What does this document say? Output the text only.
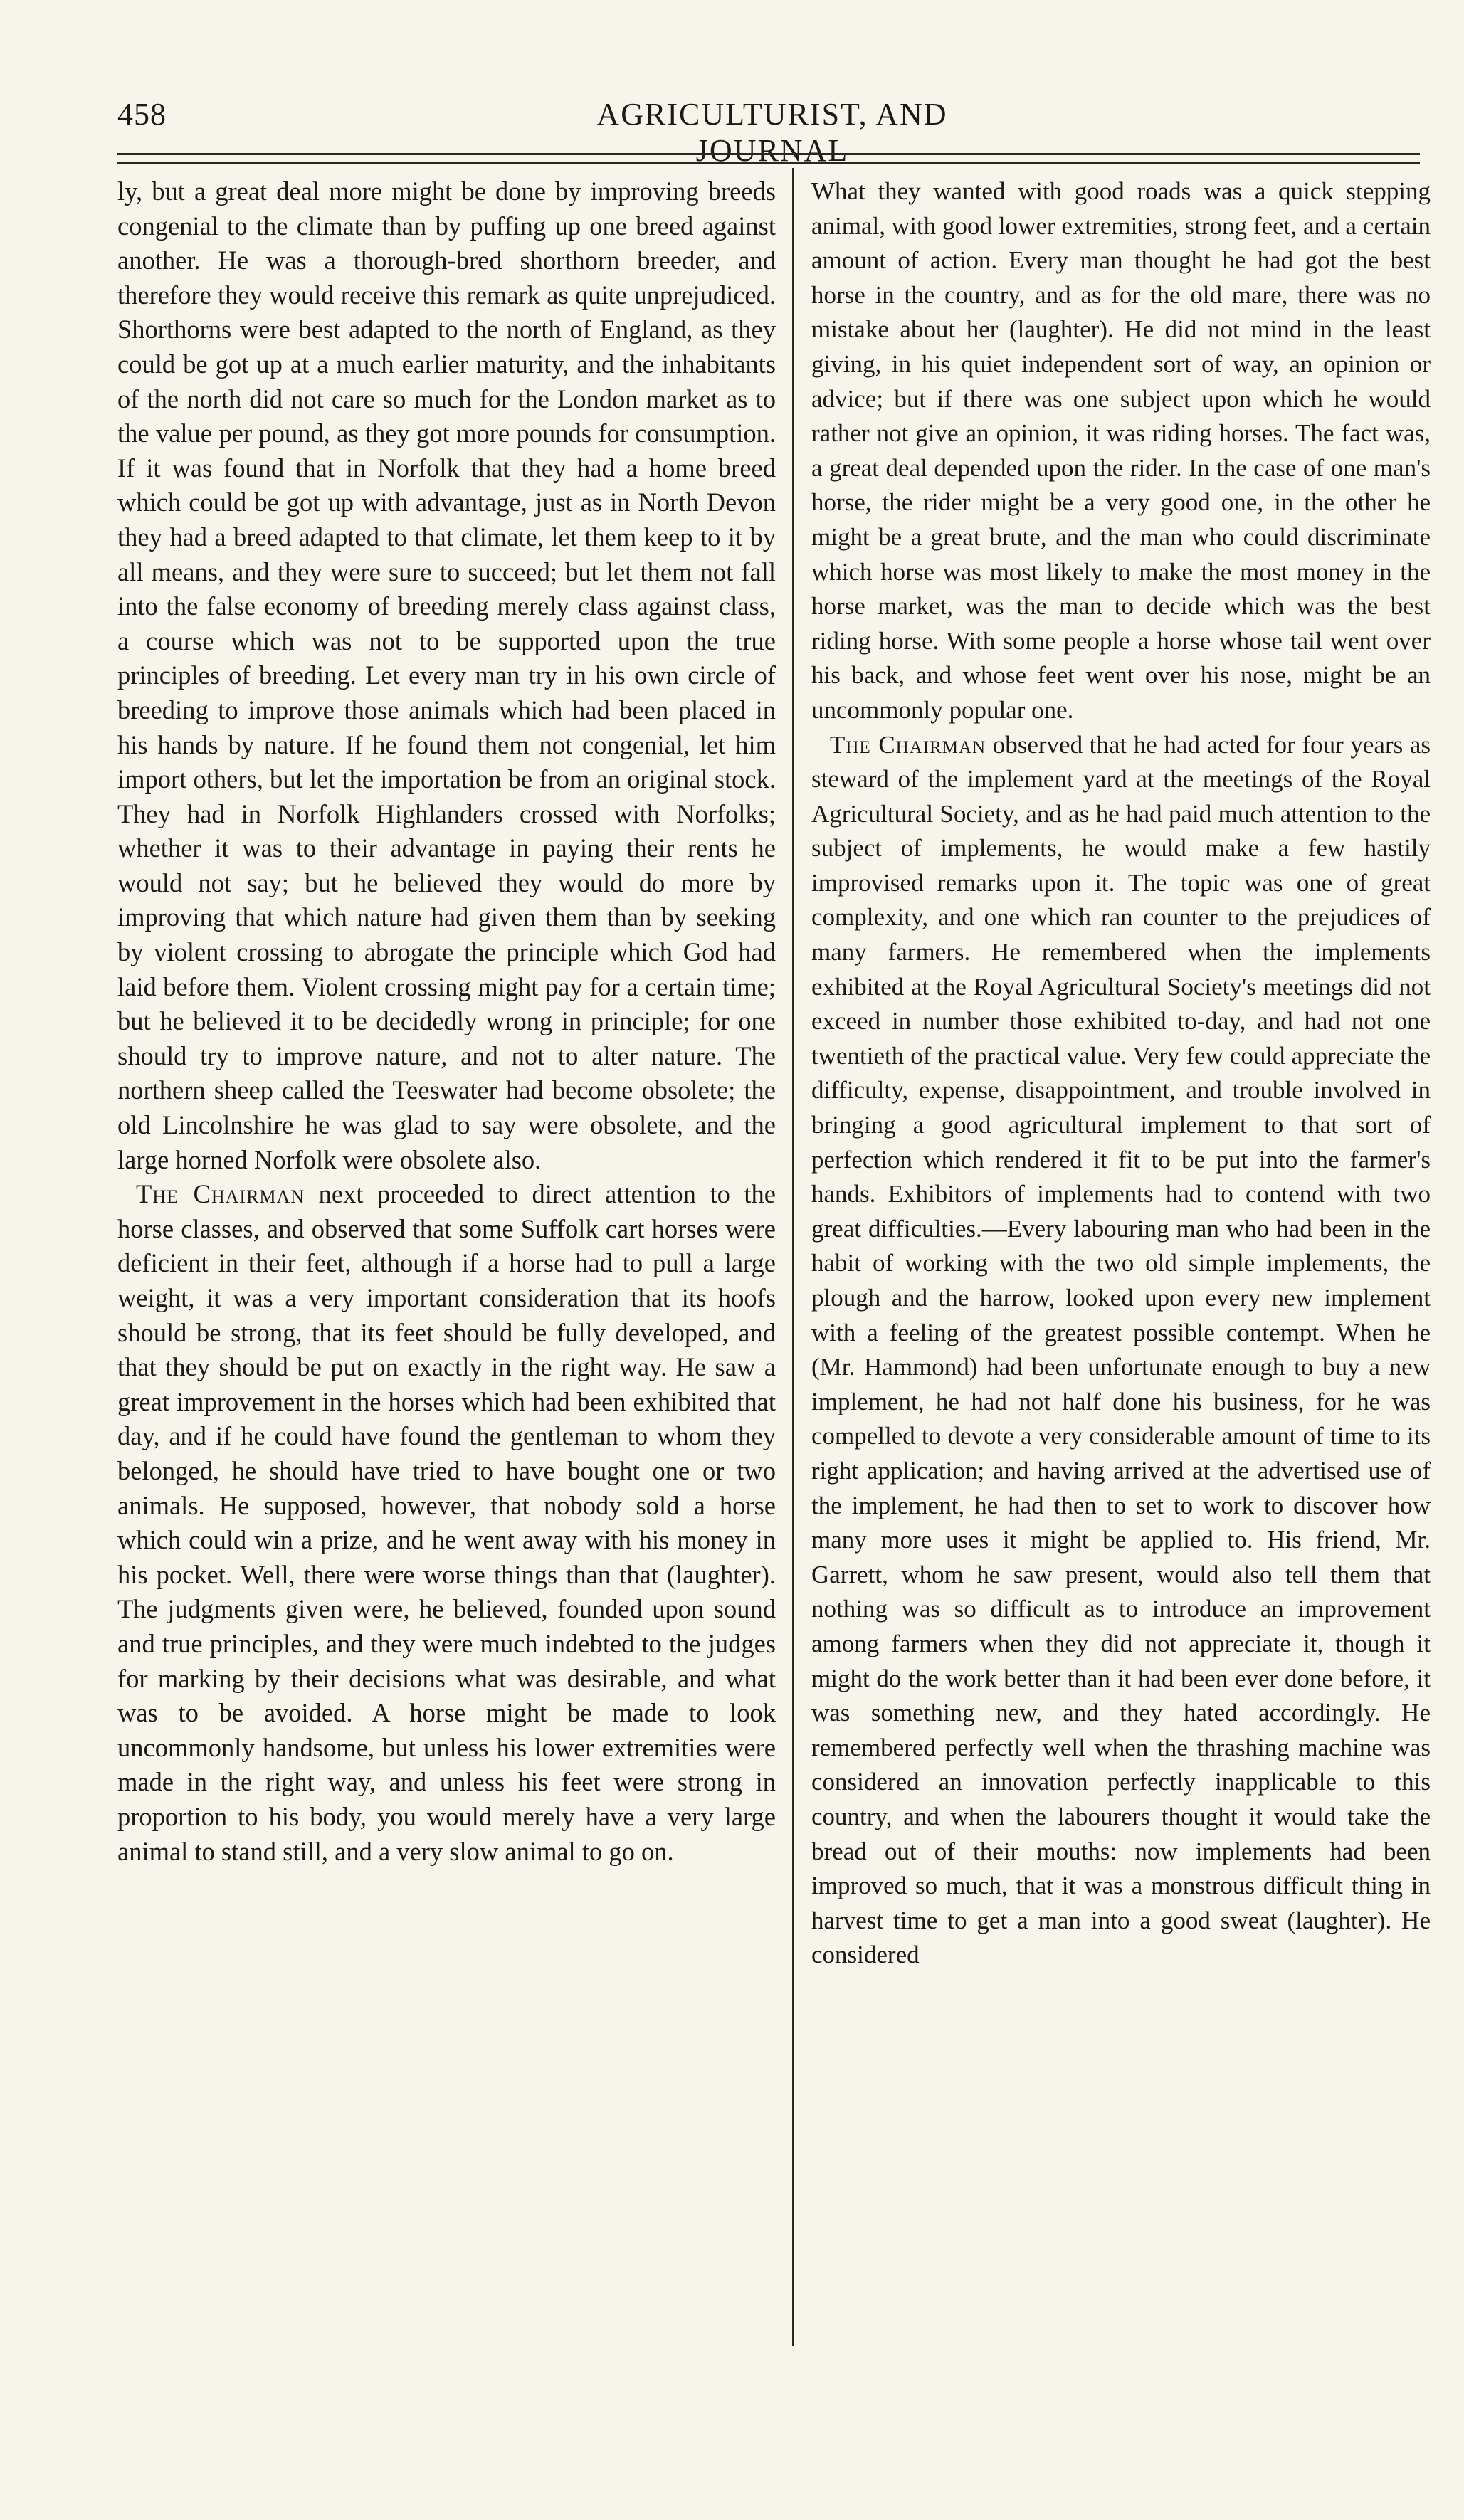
458	AGRICULTURIST, AND JOURNAL

ly, but a great deal more might be done by improving breeds congenial to the climate than by puffing up one breed against another. He was a thorough-bred shorthorn breeder, and therefore they would receive this remark as quite unprejudiced. Shorthorns were best adapted to the north of England, as they could be got up at a much earlier maturity, and the inhabitants of the north did not care so much for the London market as to the value per pound, as they got more pounds for consumption. If it was found that in Norfolk that they had a home breed which could be got up with advantage, just as in North Devon they had a breed adapted to that climate, let them keep to it by all means, and they were sure to succeed; but let them not fall into the false economy of breeding merely class against class, a course which was not to be supported upon the true principles of breeding. Let every man try in his own circle of breeding to improve those animals which had been placed in his hands by nature. If he found them not congenial, let him import others, but let the importation be from an original stock. They had in Norfolk Highlanders crossed with Norfolks; whether it was to their advantage in paying their rents he would not say; but he believed they would do more by improving that which nature had given them than by seeking by violent crossing to abrogate the principle which God had laid before them. Violent crossing might pay for a certain time; but he believed it to be decidedly wrong in principle; for one should try to improve nature, and not to alter nature. The northern sheep called the Teeswater had become obsolete; the old Lincolnshire he was glad to say were obsolete, and the large horned Norfolk were obsolete also.

The Chairman next proceeded to direct attention to the horse classes, and observed that some Suffolk cart horses were deficient in their feet, although if a horse had to pull a large weight, it was a very important consideration that its hoofs should be strong, that its feet should be fully developed, and that they should be put on exactly in the right way. He saw a great improvement in the horses which had been exhibited that day, and if he could have found the gentleman to whom they belonged, he should have tried to have bought one or two animals. He supposed, however, that nobody sold a horse which could win a prize, and he went away with his money in his pocket. Well, there were worse things than that (laughter). The judgments given were, he believed, founded upon sound and true principles, and they were much indebted to the judges for marking by their decisions what was desirable, and what was to be avoided. A horse might be made to look uncommonly handsome, but unless his lower extremities were made in the right way, and unless his feet were strong in proportion to his body, you would merely have a very large animal to stand still, and a very slow animal to go on.

What they wanted with good roads was a quick stepping animal, with good lower extremities, strong feet, and a certain amount of action. Every man thought he had got the best horse in the country, and as for the old mare, there was no mistake about her (laughter). He did not mind in the least giving, in his quiet independent sort of way, an opinion or advice; but if there was one subject upon which he would rather not give an opinion, it was riding horses. The fact was, a great deal depended upon the rider. In the case of one man's horse, the rider might be a very good one, in the other he might be a great brute, and the man who could discriminate which horse was most likely to make the most money in the horse market, was the man to decide which was the best riding horse. With some people a horse whose tail went over his back, and whose feet went over his nose, might be an uncommonly popular one.

The Chairman observed that he had acted for four years as steward of the implement yard at the meetings of the Royal Agricultural Society, and as he had paid much attention to the subject of implements, he would make a few hastily improvised remarks upon it. The topic was one of great complexity, and one which ran counter to the prejudices of many farmers. He remembered when the implements exhibited at the Royal Agricultural Society's meetings did not exceed in number those exhibited to-day, and had not one twentieth of the practical value. Very few could appreciate the difficulty, expense, disappointment, and trouble involved in bringing a good agricultural implement to that sort of perfection which rendered it fit to be put into the farmer's hands. Exhibitors of implements had to contend with two great difficulties.—Every labouring man who had been in the habit of working with the two old simple implements, the plough and the harrow, looked upon every new implement with a feeling of the greatest possible contempt. When he (Mr. Hammond) had been unfortunate enough to buy a new implement, he had not half done his business, for he was compelled to devote a very considerable amount of time to its right application; and having arrived at the advertised use of the implement, he had then to set to work to discover how many more uses it might be applied to. His friend, Mr. Garrett, whom he saw present, would also tell them that nothing was so difficult as to introduce an improvement among farmers when they did not appreciate it, though it might do the work better than it had been ever done before, it was something new, and they hated accordingly. He remembered perfectly well when the thrashing machine was considered an innovation perfectly inapplicable to this country, and when the labourers thought it would take the bread out of their mouths: now implements had been improved so much, that it was a monstrous difficult thing in harvest time to get a man into a good sweat (laughter). He considered
